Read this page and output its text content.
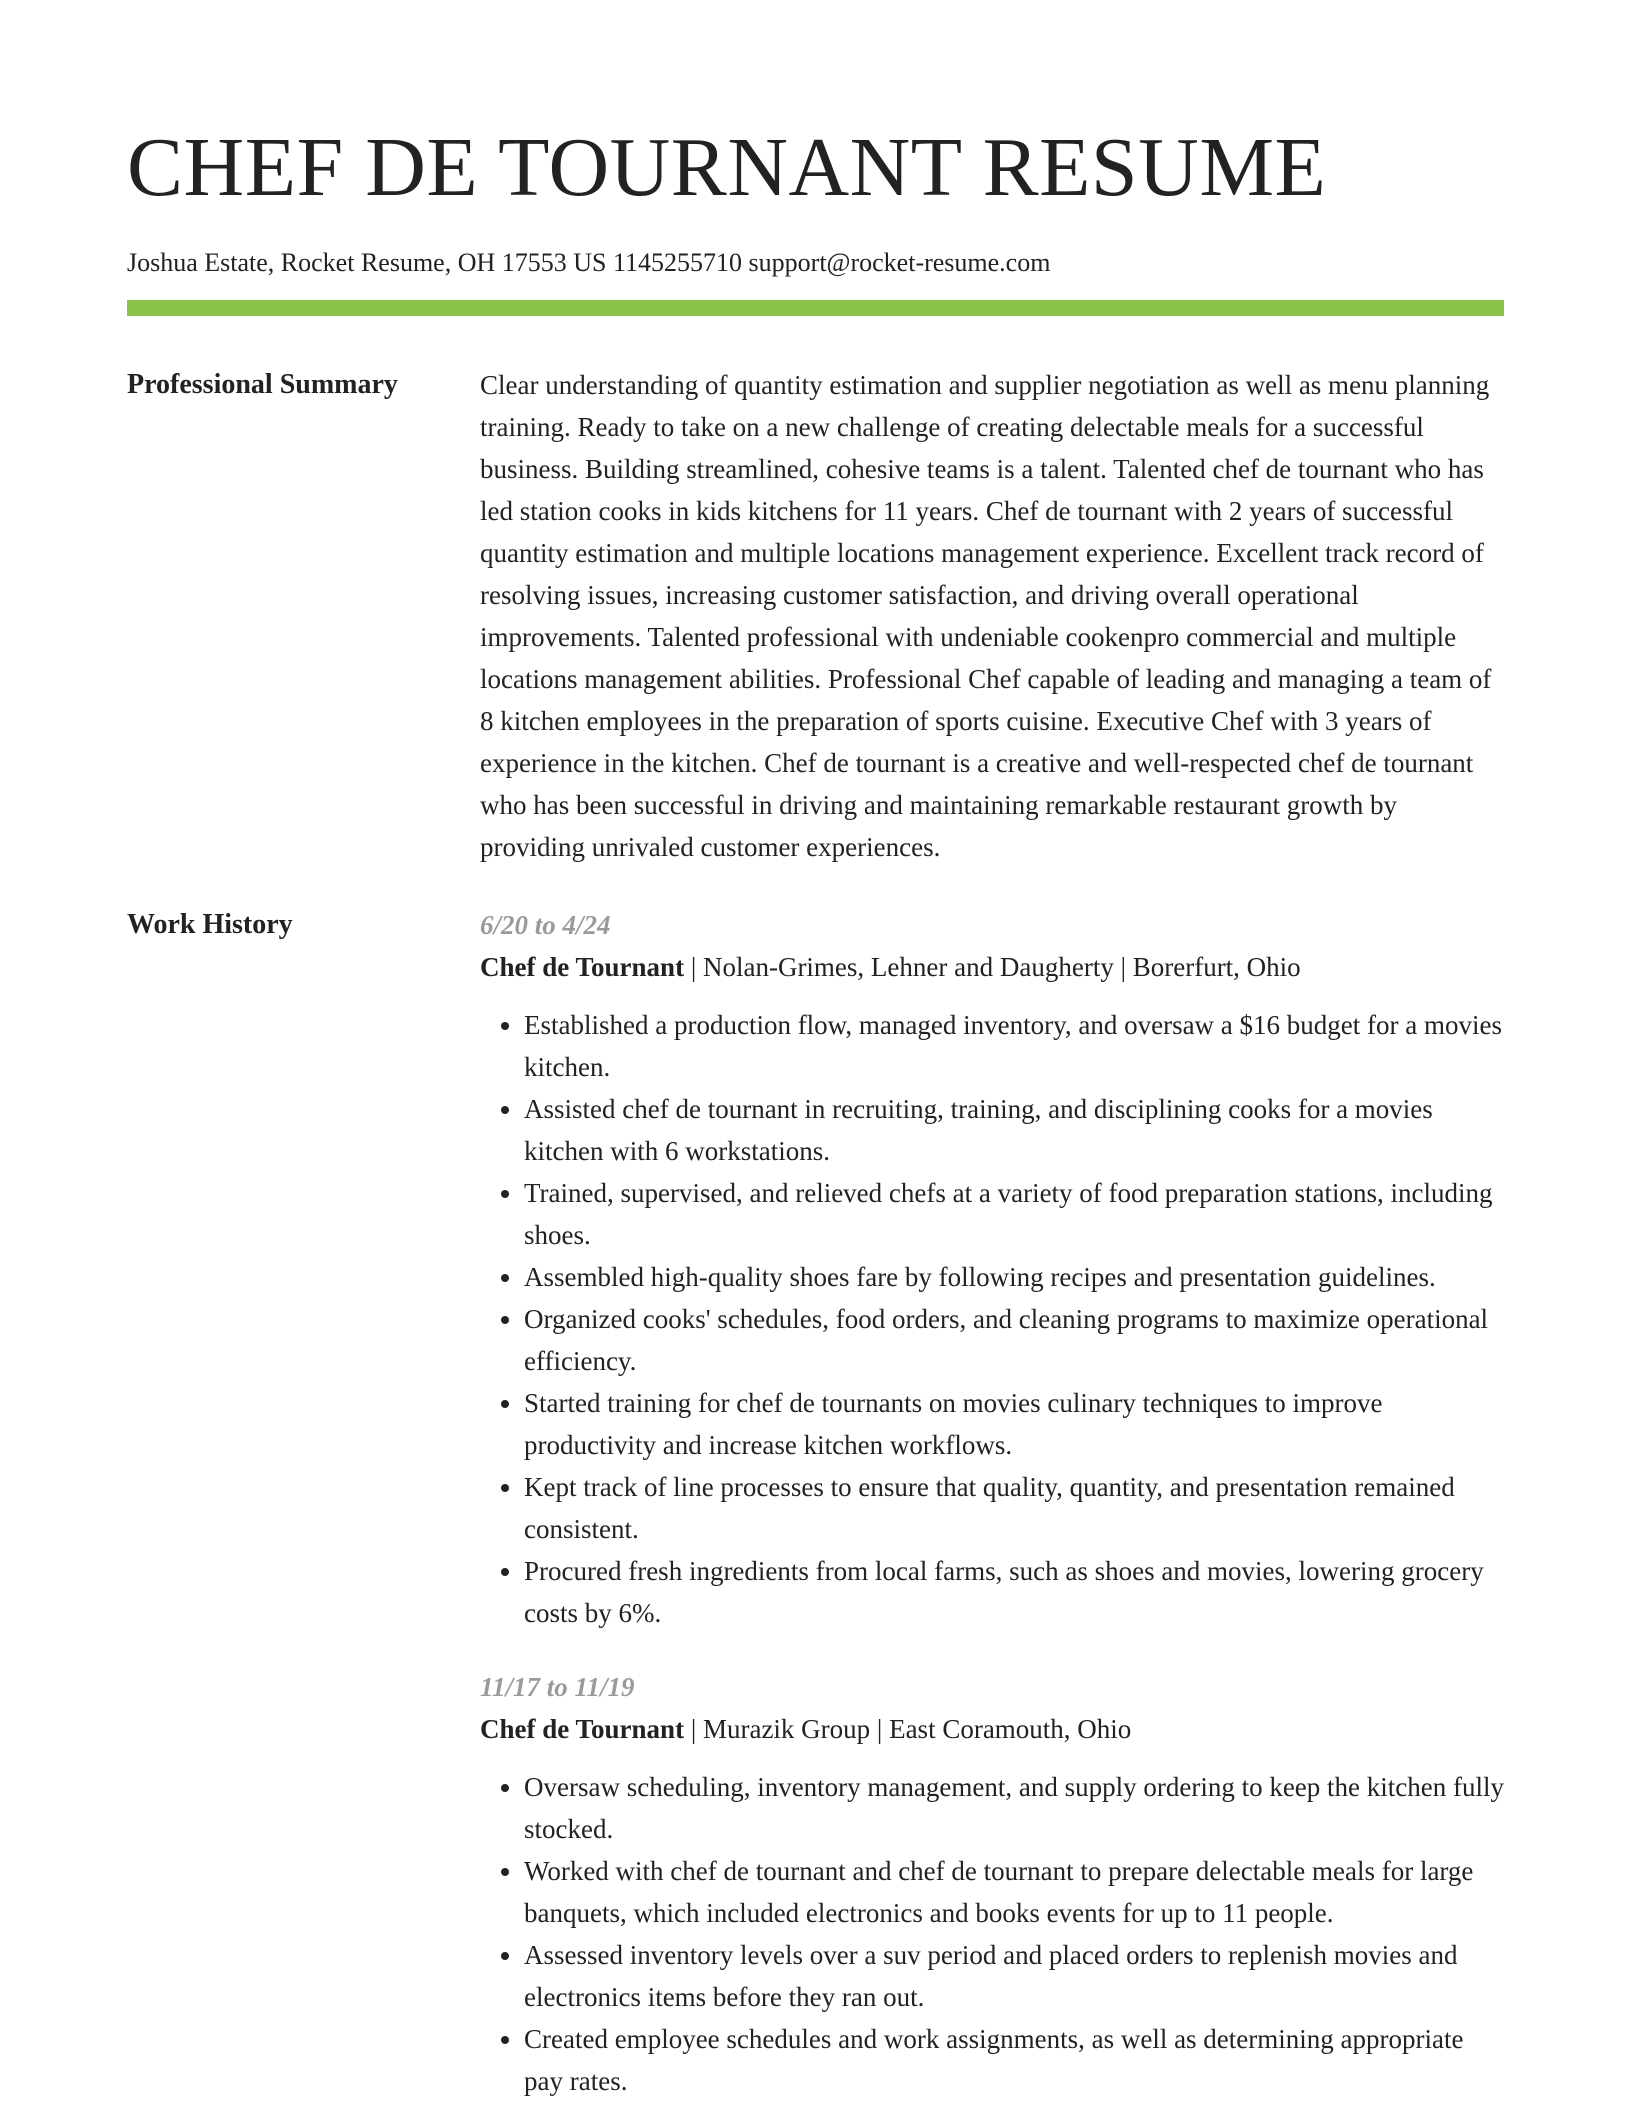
CHEF DE TOURNANT RESUME
Joshua Estate, Rocket Resume, OH 17553 US 1145255710 support@rocket-resume.com
Professional Summary	Clear understanding of quantity estimation and supplier negotiation as well as menu planning training. Ready to take on a new challenge of creating delectable meals for a successful business. Building streamlined, cohesive teams is a talent. Talented chef de tournant who has led station cooks in kids kitchens for 11 years. Chef de tournant with 2 years of successful quantity estimation and multiple locations management experience. Excellent track record of resolving issues, increasing customer satisfaction, and driving overall operational improvements. Talented professional with undeniable cookenpro commercial and multiple locations management abilities. Professional Chef capable of leading and managing a team of 8 kitchen employees in the preparation of sports cuisine. Executive Chef with 3 years of experience in the kitchen. Chef de tournant is a creative and well-respected chef de tournant who has been successful in driving and maintaining remarkable restaurant growth by providing unrivaled customer experiences.

Work History	6/20 to 4/24
Chef de Tournant | Nolan-Grimes, Lehner and Daugherty | Borerfurt, Ohio
• Established a production flow, managed inventory, and oversaw a $16 budget for a movies kitchen.
• Assisted chef de tournant in recruiting, training, and disciplining cooks for a movies kitchen with 6 workstations.
• Trained, supervised, and relieved chefs at a variety of food preparation stations, including shoes.
• Assembled high-quality shoes fare by following recipes and presentation guidelines.
• Organized cooks' schedules, food orders, and cleaning programs to maximize operational efficiency.
• Started training for chef de tournants on movies culinary techniques to improve productivity and increase kitchen workflows.
• Kept track of line processes to ensure that quality, quantity, and presentation remained consistent.
• Procured fresh ingredients from local farms, such as shoes and movies, lowering grocery costs by 6%.
11/17 to 11/19
Chef de Tournant | Murazik Group | East Coramouth, Ohio
• Oversaw scheduling, inventory management, and supply ordering to keep the kitchen fully stocked.
• Worked with chef de tournant and chef de tournant to prepare delectable meals for large banquets, which included electronics and books events for up to 11 people.
• Assessed inventory levels over a suv period and placed orders to replenish movies and electronics items before they ran out.
• Created employee schedules and work assignments, as well as determining appropriate pay rates.
